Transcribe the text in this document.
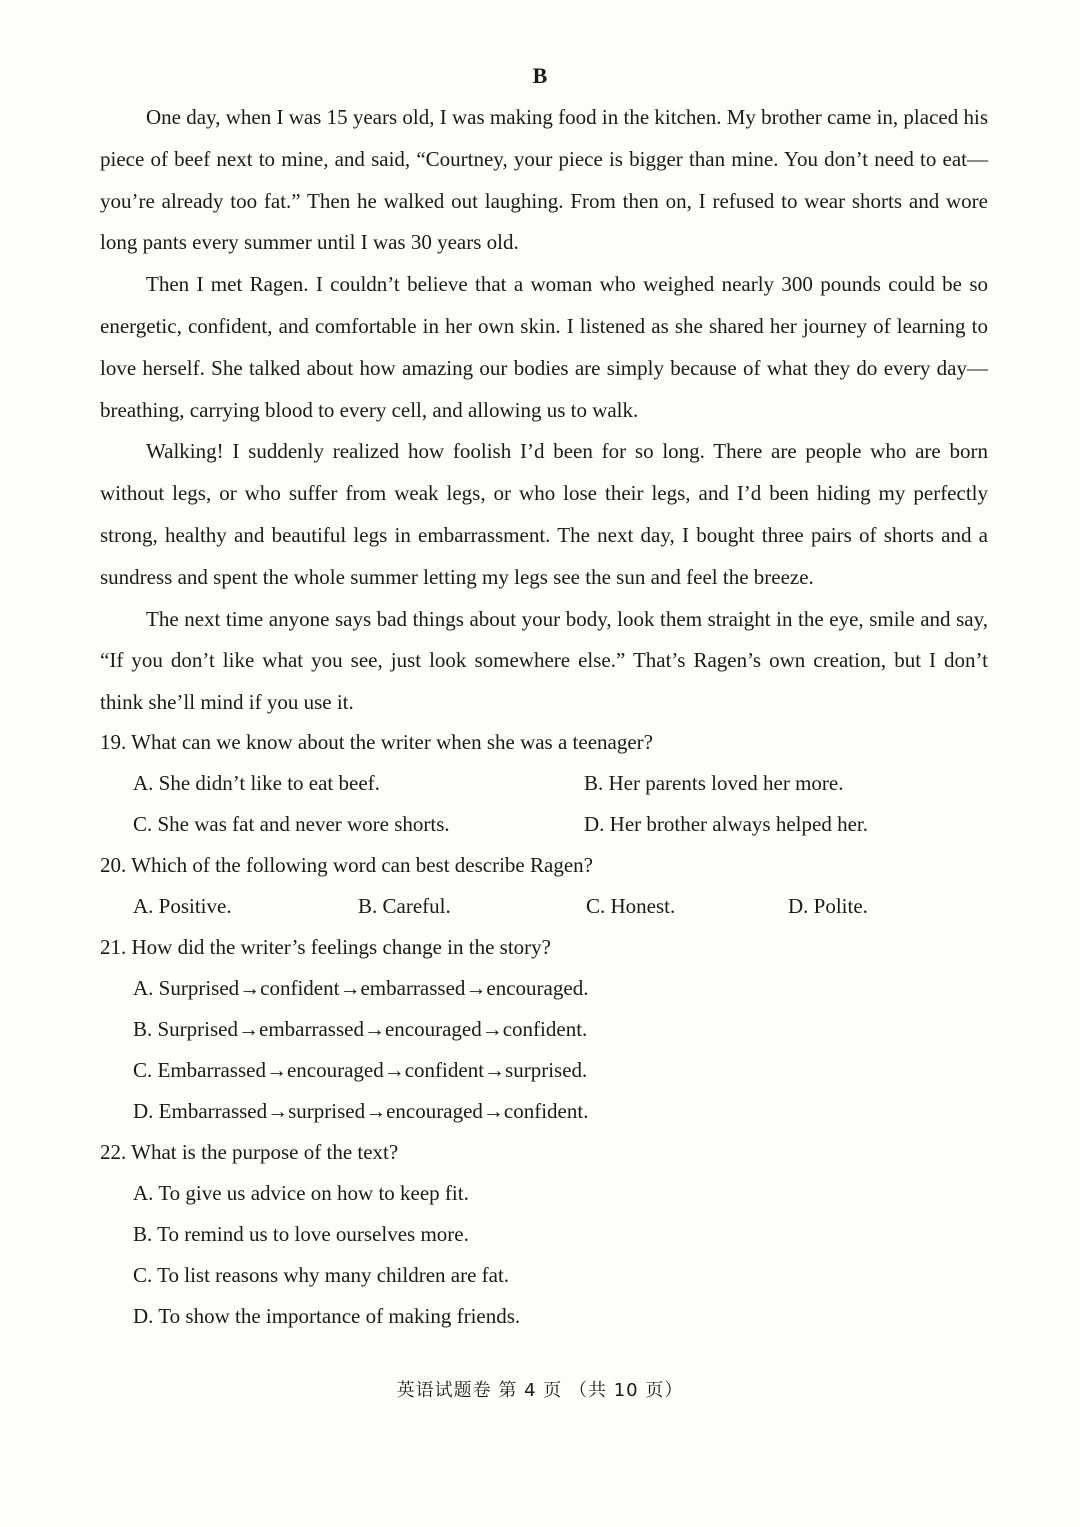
B

One day, when I was 15 years old, I was making food in the kitchen. My brother came in, placed his piece of beef next to mine, and said, “Courtney, your piece is bigger than mine. You don’t need to eat—you’re already too fat.” Then he walked out laughing. From then on, I refused to wear shorts and wore long pants every summer until I was 30 years old.

Then I met Ragen. I couldn’t believe that a woman who weighed nearly 300 pounds could be so energetic, confident, and comfortable in her own skin. I listened as she shared her journey of learning to love herself. She talked about how amazing our bodies are simply because of what they do every day—breathing, carrying blood to every cell, and allowing us to walk.

Walking! I suddenly realized how foolish I’d been for so long. There are people who are born without legs, or who suffer from weak legs, or who lose their legs, and I’d been hiding my perfectly strong, healthy and beautiful legs in embarrassment. The next day, I bought three pairs of shorts and a sundress and spent the whole summer letting my legs see the sun and feel the breeze.

The next time anyone says bad things about your body, look them straight in the eye, smile and say, “If you don’t like what you see, just look somewhere else.” That’s Ragen’s own creation, but I don’t think she’ll mind if you use it.

19. What can we know about the writer when she was a teenager?
A. She didn’t like to eat beef.	B. Her parents loved her more.
C. She was fat and never wore shorts.	D. Her brother always helped her.
20. Which of the following word can best describe Ragen?
A. Positive.	B. Careful.	C. Honest.	D. Polite.
21. How did the writer’s feelings change in the story?
A. Surprised→confident→embarrassed→encouraged.
B. Surprised→embarrassed→encouraged→confident.
C. Embarrassed→encouraged→confident→surprised.
D. Embarrassed→surprised→encouraged→confident.
22. What is the purpose of the text?
A. To give us advice on how to keep fit.
B. To remind us to love ourselves more.
C. To list reasons why many children are fat.
D. To show the importance of making friends.
英语试题卷 第 4 页 （共 10 页）
